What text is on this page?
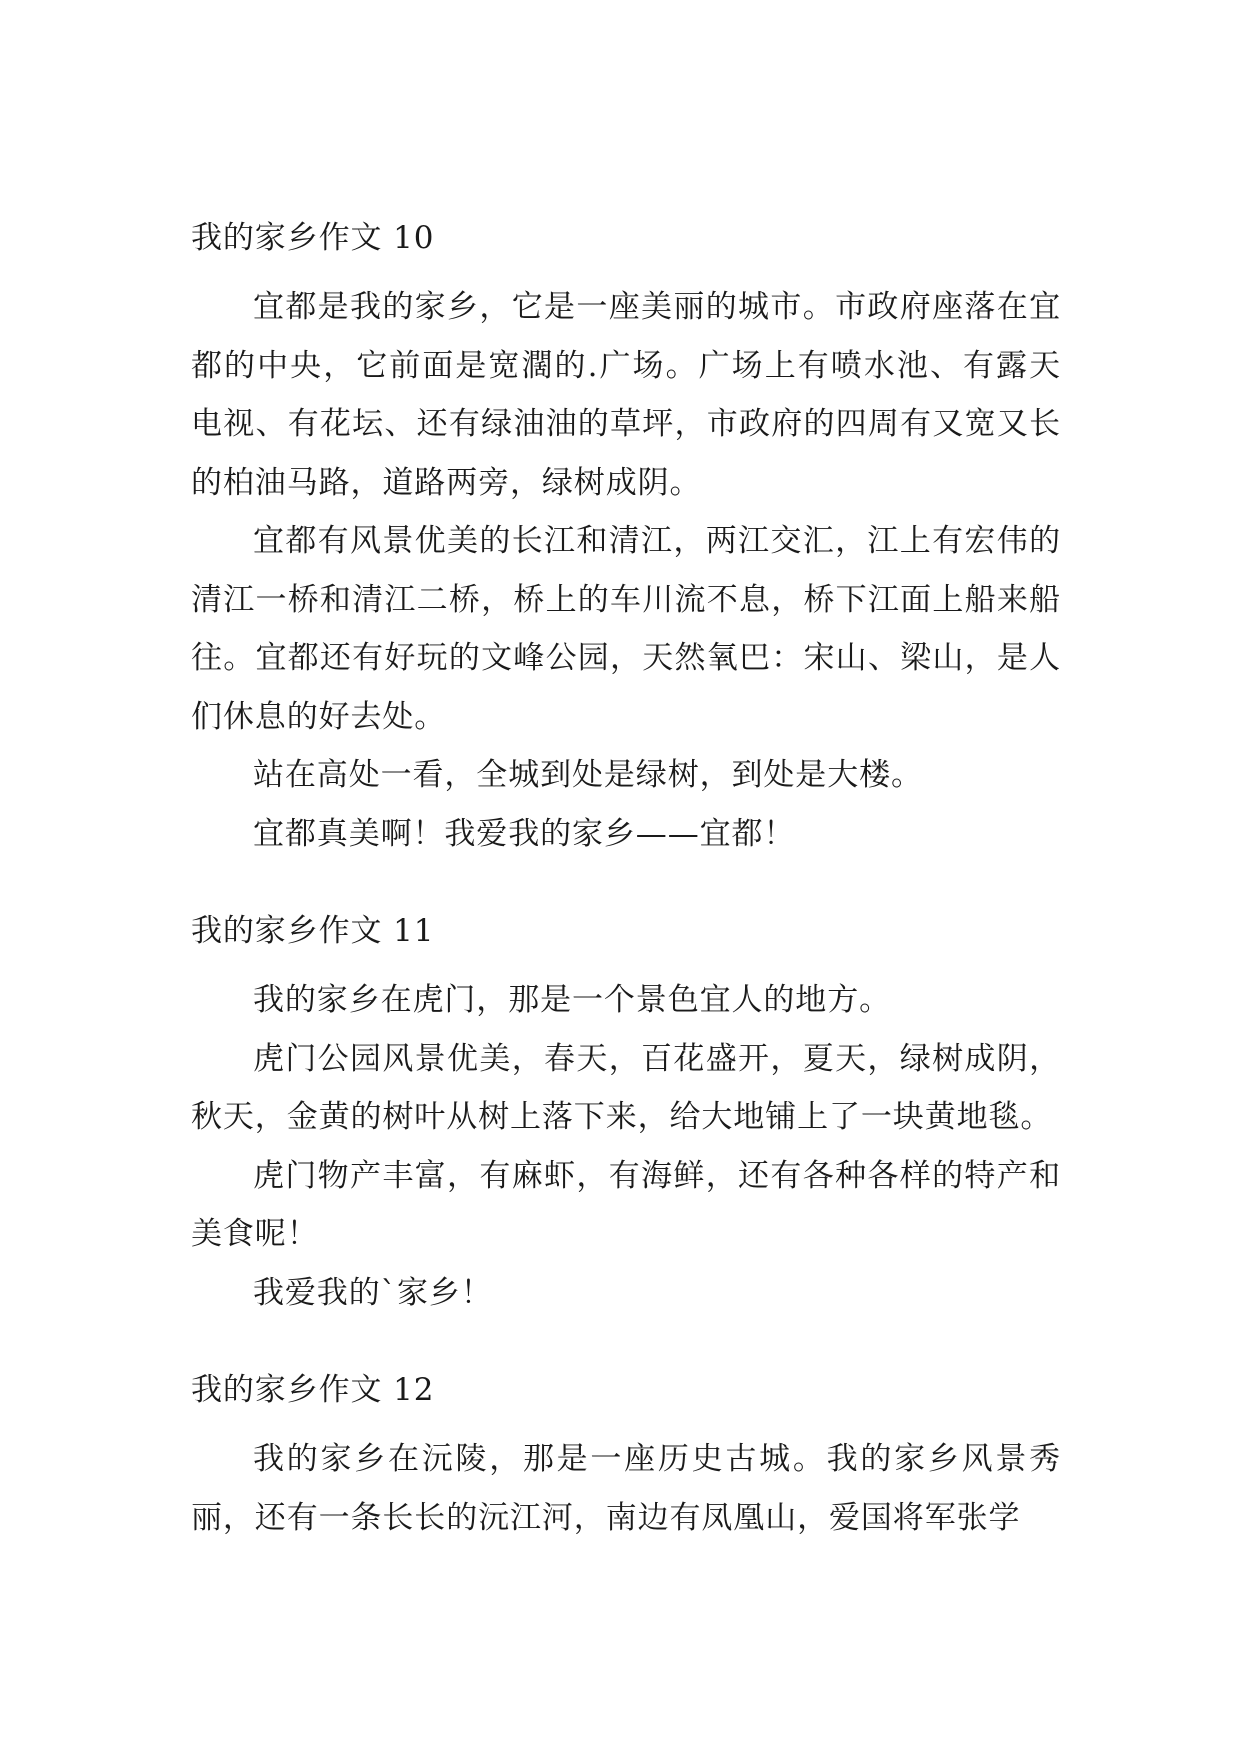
我的家乡作文 10

宜都是我的家乡，它是一座美丽的城市。市政府座落在宜都的中央，它前面是宽濶的.广场。广场上有喷水池、有露天电视、有花坛、还有绿油油的草坪，市政府的四周有又宽又长的柏油马路，道路两旁，绿树成阴。

宜都有风景优美的长江和清江，两江交汇，江上有宏伟的清江一桥和清江二桥，桥上的车川流不息，桥下江面上船来船往。宜都还有好玩的文峰公园，天然氧巴：宋山、梁山，是人们休息的好去处。

站在高处一看，全城到处是绿树，到处是大楼。

宜都真美啊！我爱我的家乡——宜都！

我的家乡作文 11

我的家乡在虎门，那是一个景色宜人的地方。

虎门公园风景优美，春天，百花盛开，夏天，绿树成阴，秋天，金黄的树叶从树上落下来，给大地铺上了一块黄地毯。

虎门物产丰富，有麻虾，有海鲜，还有各种各样的特产和美食呢！

我爱我的`家乡！

我的家乡作文 12

我的家乡在沅陵，那是一座历史古城。我的家乡风景秀丽，还有一条长长的沅江河，南边有凤凰山，爱国将军张学
